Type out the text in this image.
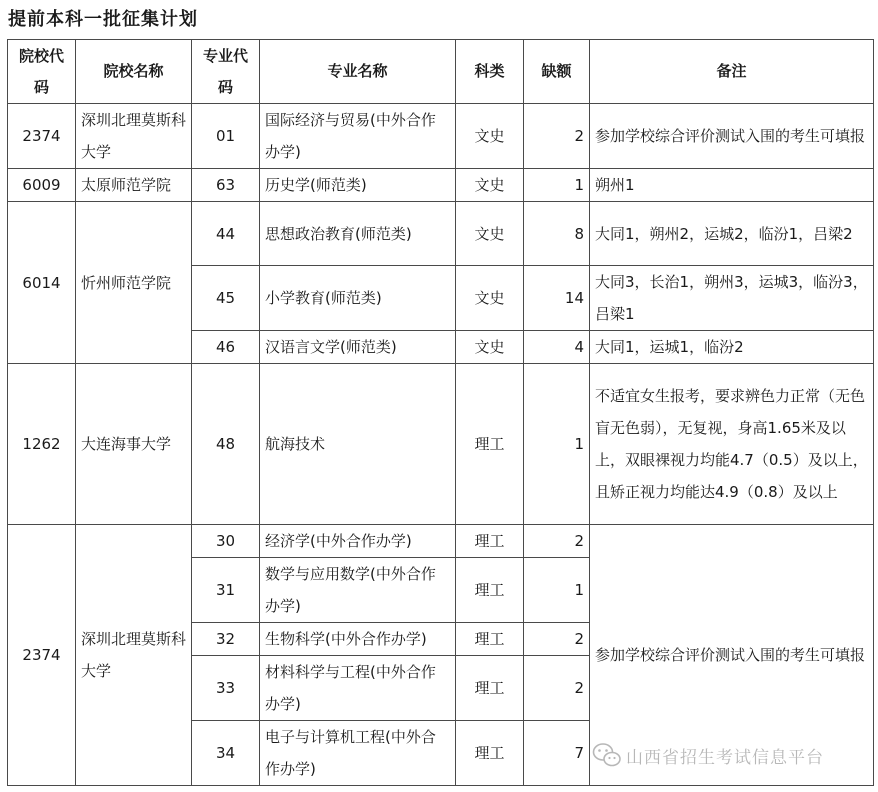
提前本科一批征集计划
院校代码	院校名称	专业代码	专业名称	科类	缺额	备注
2374	深圳北理莫斯科大学	01	国际经济与贸易(中外合作办学)	文史	2	参加学校综合评价测试入围的考生可填报
6009	太原师范学院	63	历史学(师范类)	文史	1	朔州1
6014	忻州师范学院	44	思想政治教育(师范类)	文史	8	大同1，朔州2，运城2，临汾1，吕梁2
		45	小学教育(师范类)	文史	14	大同3，长治1，朔州3，运城3，临汾3，吕梁1
		46	汉语言文学(师范类)	文史	4	大同1，运城1，临汾2
1262	大连海事大学	48	航海技术	理工	1	不适宜女生报考，要求辨色力正常（无色盲无色弱），无复视，身高1.65米及以上，双眼裸视力均能4.7（0.5）及以上，且矫正视力均能达4.9（0.8）及以上
2374	深圳北理莫斯科大学	30	经济学(中外合作办学)	理工	2	参加学校综合评价测试入围的考生可填报
		31	数学与应用数学(中外合作办学)	理工	1	
		32	生物科学(中外合作办学)	理工	2	
		33	材料科学与工程(中外合作办学)	理工	2	
		34	电子与计算机工程(中外合作办学)	理工	7	山西省招生考试信息平台
